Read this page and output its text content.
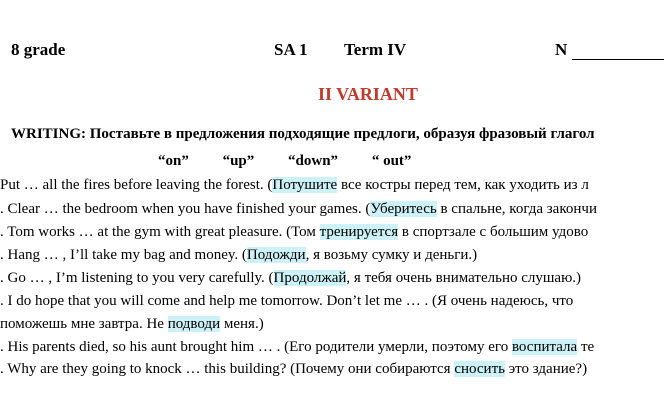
8 grade	SA 1 Term IV	N
II VARIANT
WRITING: Поставьте в предложения подходящие предлоги, образуя фразовый глагол
“on” “up” “down” “ out”
Put … all the fires before leaving the forest. (Потушите все костры перед тем, как уходить из л
. Clear … the bedroom when you have finished your games. (Уберитесь в спальне, когда закончи
. Tom works … at the gym with great pleasure. (Том тренируется в спортзале с большим удово
. Hang … , I’ll take my bag and money. (Подожди, я возьму сумку и деньги.)
. Go … , I’m listening to you very carefully. (Продолжай, я тебя очень внимательно слушаю.)
. I do hope that you will come and help me tomorrow. Don’t let me … . (Я очень надеюсь, что
поможешь мне завтра. Не подводи меня.)
. His parents died, so his aunt brought him … . (Его родители умерли, поэтому его воспитала те
. Why are they going to knock … this building? (Почему они собираются сносить это здание?)
